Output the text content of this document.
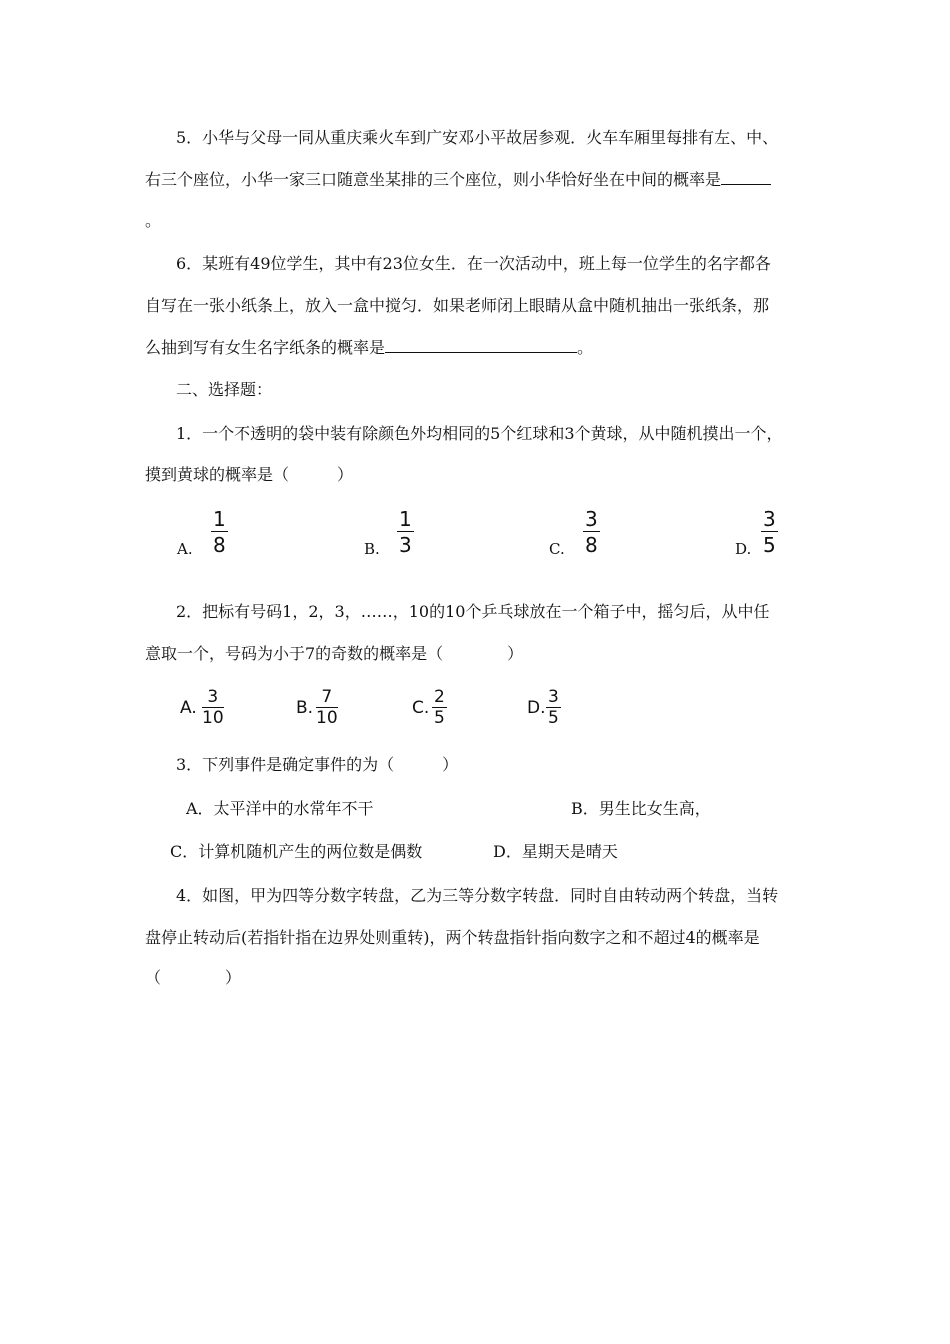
5．小华与父母一同从重庆乘火车到广安邓小平故居参观．火车车厢里每排有左、中、
右三个座位，小华一家三口随意坐某排的三个座位，则小华恰好坐在中间的概率是
。
6．某班有49位学生，其中有23位女生．在一次活动中，班上每一位学生的名字都各
自写在一张小纸条上，放入一盒中搅匀．如果老师闭上眼睛从盒中随机抽出一张纸条，那
么抽到写有女生名字纸条的概率是	。
二、选择题：
1．一个不透明的袋中装有除颜色外均相同的5个红球和3个黄球，从中随机摸出一个，
摸到黄球的概率是（　　　）
A.
1
8	B.
1
3	C.
3
8	D.
3
5
2．把标有号码1，2，3，……，10的10个乒乓球放在一个箱子中，摇匀后，从中任
意取一个，号码为小于7的奇数的概率是（　　　　）
A.
3
10	B.
7
10	C.
2
5	D.
3
5
3．下列事件是确定事件的为（　　　）
A．太平洋中的水常年不干	B．男生比女生高，
C．计算机随机产生的两位数是偶数	D．星期天是晴天
4．如图，甲为四等分数字转盘，乙为三等分数字转盘．同时自由转动两个转盘，当转
盘停止转动后(若指针指在边界处则重转)，两个转盘指针指向数字之和不超过4的概率是
（　　　　）
